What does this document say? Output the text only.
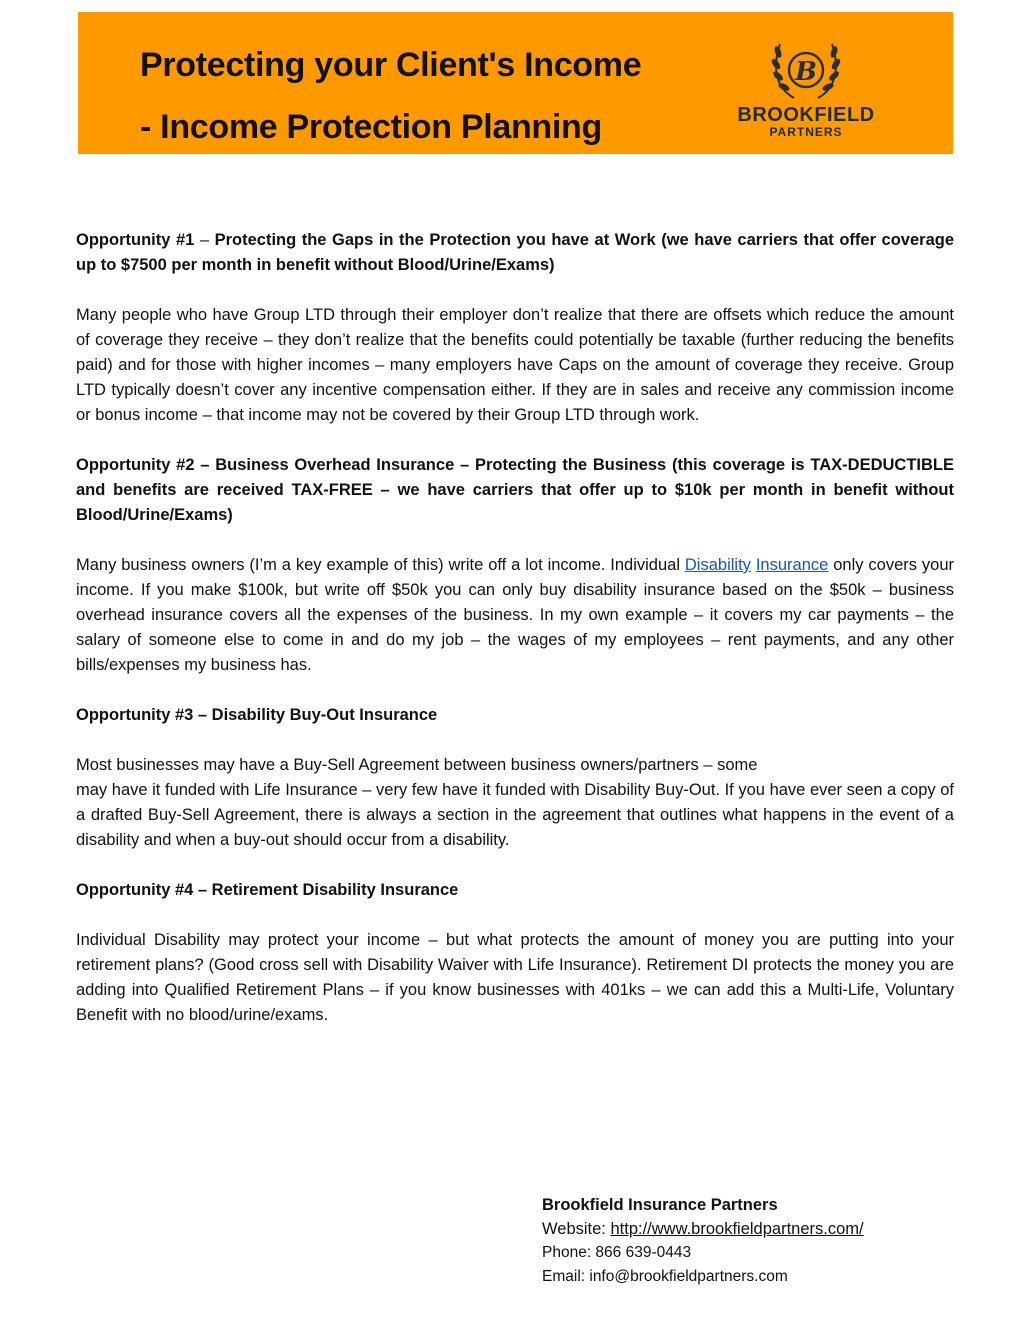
Protecting your Client's Income
- Income Protection Planning
B
BROOKFIELD
PARTNERS
Opportunity #1 – Protecting the Gaps in the Protection you have at Work (we have carriers that offer coverage up to $7500 per month in benefit without Blood/Urine/Exams)
Many people who have Group LTD through their employer don’t realize that there are offsets which reduce the amount of coverage they receive – they don’t realize that the benefits could potentially be taxable (further reducing the benefits paid) and for those with higher incomes – many employers have Caps on the amount of coverage they receive. Group LTD typically doesn’t cover any incentive compensation either. If they are in sales and receive any commission income or bonus income – that income may not be covered by their Group LTD through work.
Opportunity #2 – Business Overhead Insurance – Protecting the Business (this coverage is TAX-DEDUCTIBLE and benefits are received TAX-FREE – we have carriers that offer up to $10k per month in benefit without Blood/Urine/Exams)
Many business owners (I’m a key example of this) write off a lot income. Individual Disability Insurance only covers your income. If you make $100k, but write off $50k you can only buy disability insurance based on the $50k – business overhead insurance covers all the expenses of the business. In my own example – it covers my car payments – the salary of someone else to come in and do my job – the wages of my employees – rent payments, and any other bills/expenses my business has.
Opportunity #3 – Disability Buy-Out Insurance
Most businesses may have a Buy-Sell Agreement between business owners/partners – some
may have it funded with Life Insurance – very few have it funded with Disability Buy-Out. If you have ever seen a copy of a drafted Buy-Sell Agreement, there is always a section in the agreement that outlines what happens in the event of a disability and when a buy-out should occur from a disability.
Opportunity #4 – Retirement Disability Insurance
Individual Disability may protect your income – but what protects the amount of money you are putting into your retirement plans? (Good cross sell with Disability Waiver with Life Insurance). Retirement DI protects the money you are adding into Qualified Retirement Plans – if you know businesses with 401ks – we can add this a Multi-Life, Voluntary Benefit with no blood/urine/exams.
Brookfield Insurance Partners
Website: http://www.brookfieldpartners.com/
Phone: 866 639-0443
Email: info@brookfieldpartners.com
